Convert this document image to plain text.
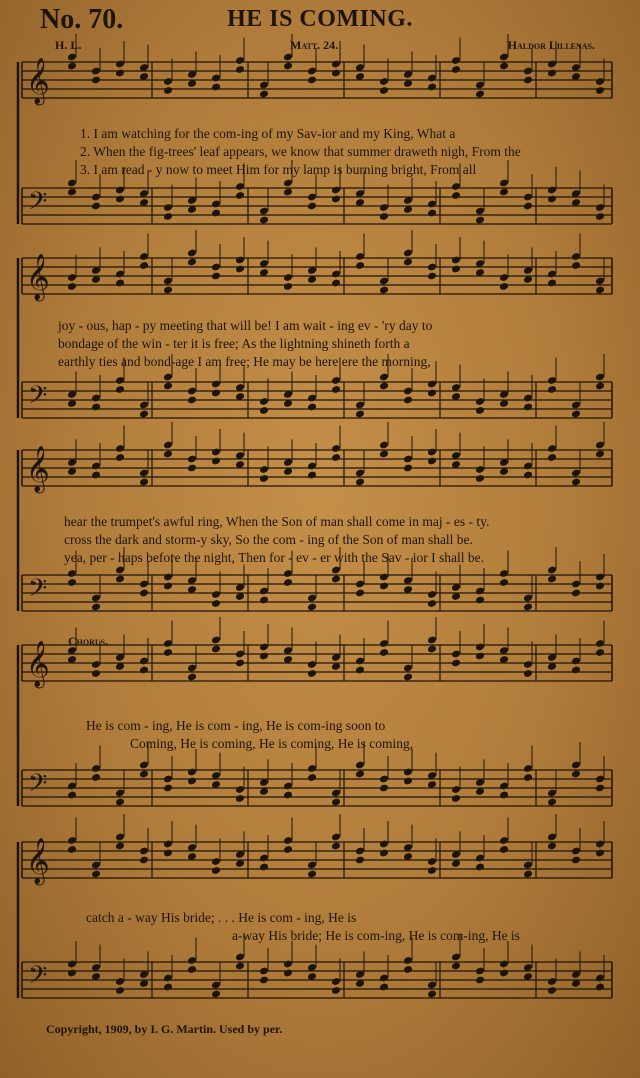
No. 70.	HE IS COMING.
H. L.	Matt. 24.	Haldor Lillenas.
𝄞
𝄢
𝄞
𝄢
𝄞
𝄢
𝄞
𝄢
𝄞
𝄢
1. I am watching for the com-ing of my Sav-ior and my King, What a
2. When the fig-trees' leaf appears, we know that summer draweth nigh, From the
3. I am read - y now to meet Him for my lamp is burning bright, From all
joy - ous, hap - py meeting that will be! I am wait - ing ev - 'ry day to
bondage of the win - ter it is free; As the lightning shineth forth a
earthly ties and bond-age I am free; He may be here ere the morning,
hear the trumpet's awful ring, When the Son of man shall come in maj - es - ty.
cross the dark and storm-y sky, So the com - ing of the Son of man shall be.
yea, per - haps before the night, Then for - ev - er with the Sav - ior I shall be.
Chorus.
He is com - ing, He is com - ing, He is com-ing soon to
Coming, He is coming, He is coming, He is coming,
catch a - way His bride; . . . He is com - ing, He is
a-way His bride; He is com-ing, He is com-ing, He is
Copyright, 1909, by I. G. Martin. Used by per.
